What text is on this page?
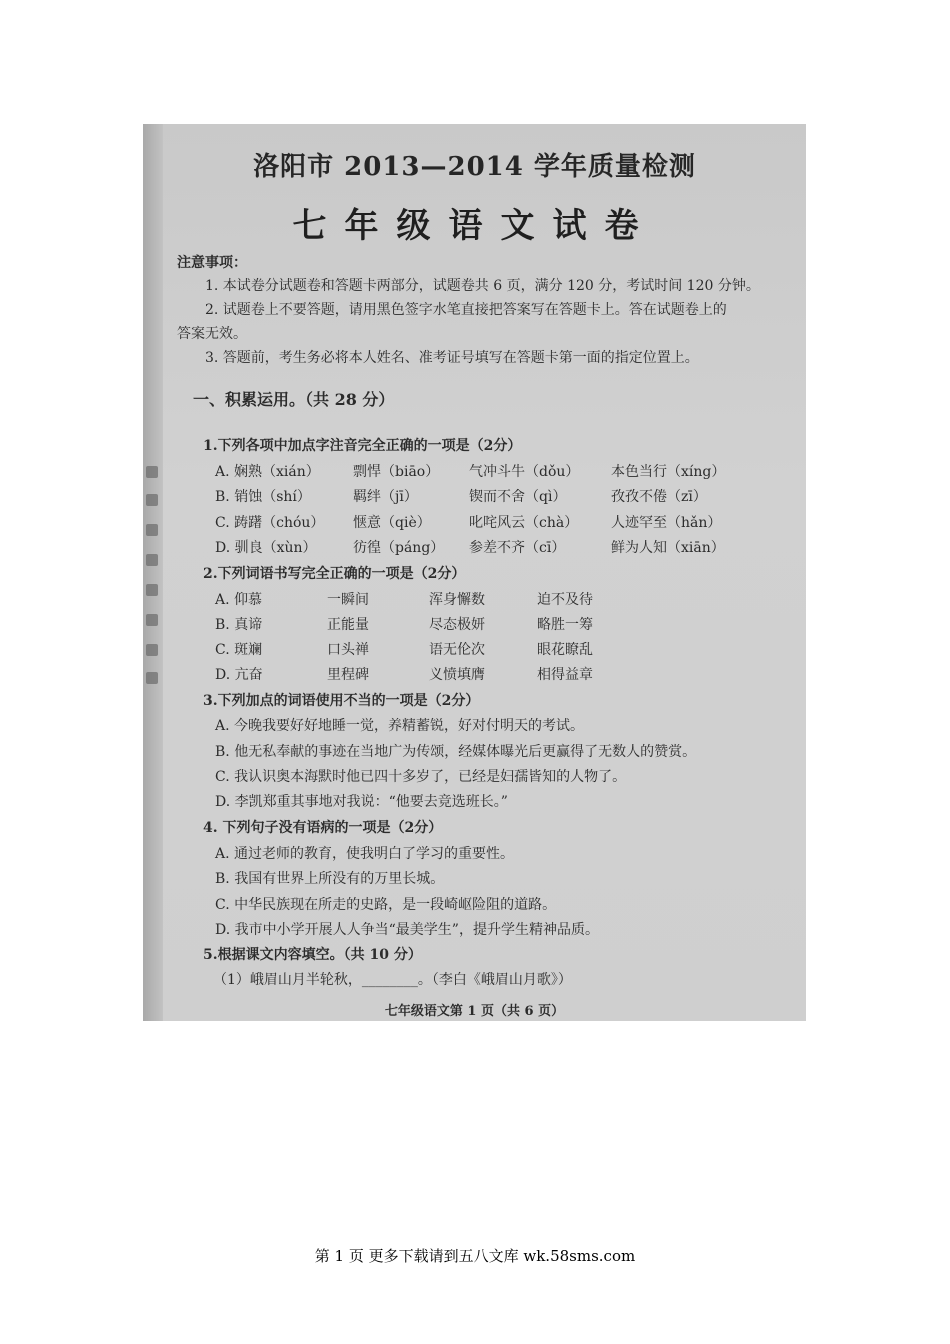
洛阳市 2013—2014 学年质量检测
七年级语文试卷
注意事项：
1. 本试卷分试题卷和答题卡两部分，试题卷共 6 页，满分 120 分，考试时间 120 分钟。
2. 试题卷上不要答题，请用黑色签字水笔直接把答案写在答题卡上。答在试题卷上的
答案无效。
3. 答题前，考生务必将本人姓名、准考证号填写在答题卡第一面的指定位置上。
一、积累运用。（共 28 分）
1.下列各项中加点字注音完全正确的一项是（2分）
A. 娴熟（xián） 剽悍（biāo） 气冲斗牛（dǒu） 本色当行（xíng）
B. 销蚀（shí）	羁绊（jī）	锲而不舍（qì）	孜孜不倦（zī）
C. 踌躇（chóu） 惬意（qiè）	叱咤风云（chà） 人迹罕至（hǎn）
D. 驯良（xùn）	彷徨（páng） 参差不齐（cī）	鲜为人知（xiān）
2.下列词语书写完全正确的一项是（2分）
A. 仰慕	一瞬间	浑身懈数	迫不及待
B. 真谛	正能量	尽态极妍	略胜一筹
C. 斑斓	口头禅	语无伦次	眼花瞭乱
D. 亢奋	里程碑	义愤填膺	相得益章
3.下列加点的词语使用不当的一项是（2分）
A. 今晚我要好好地睡一觉，养精蓄锐，好对付明天的考试。
B. 他无私奉献的事迹在当地广为传颂，经媒体曝光后更赢得了无数人的赞赏。
C. 我认识奥本海默时他已四十多岁了，已经是妇孺皆知的人物了。
D. 李凯郑重其事地对我说：“他要去竞选班长。”
4. 下列句子没有语病的一项是（2分）
A. 通过老师的教育，使我明白了学习的重要性。
B. 我国有世界上所没有的万里长城。
C. 中华民族现在所走的史路，是一段崎岖险阻的道路。
D. 我市中小学开展人人争当“最美学生”，提升学生精神品质。
5.根据课文内容填空。（共 10 分）
（1）峨眉山月半轮秋，________。（李白《峨眉山月歌》）
七年级语文第 1 页（共 6 页）
第 1 页 更多下载请到五八文库 wk.58sms.com
